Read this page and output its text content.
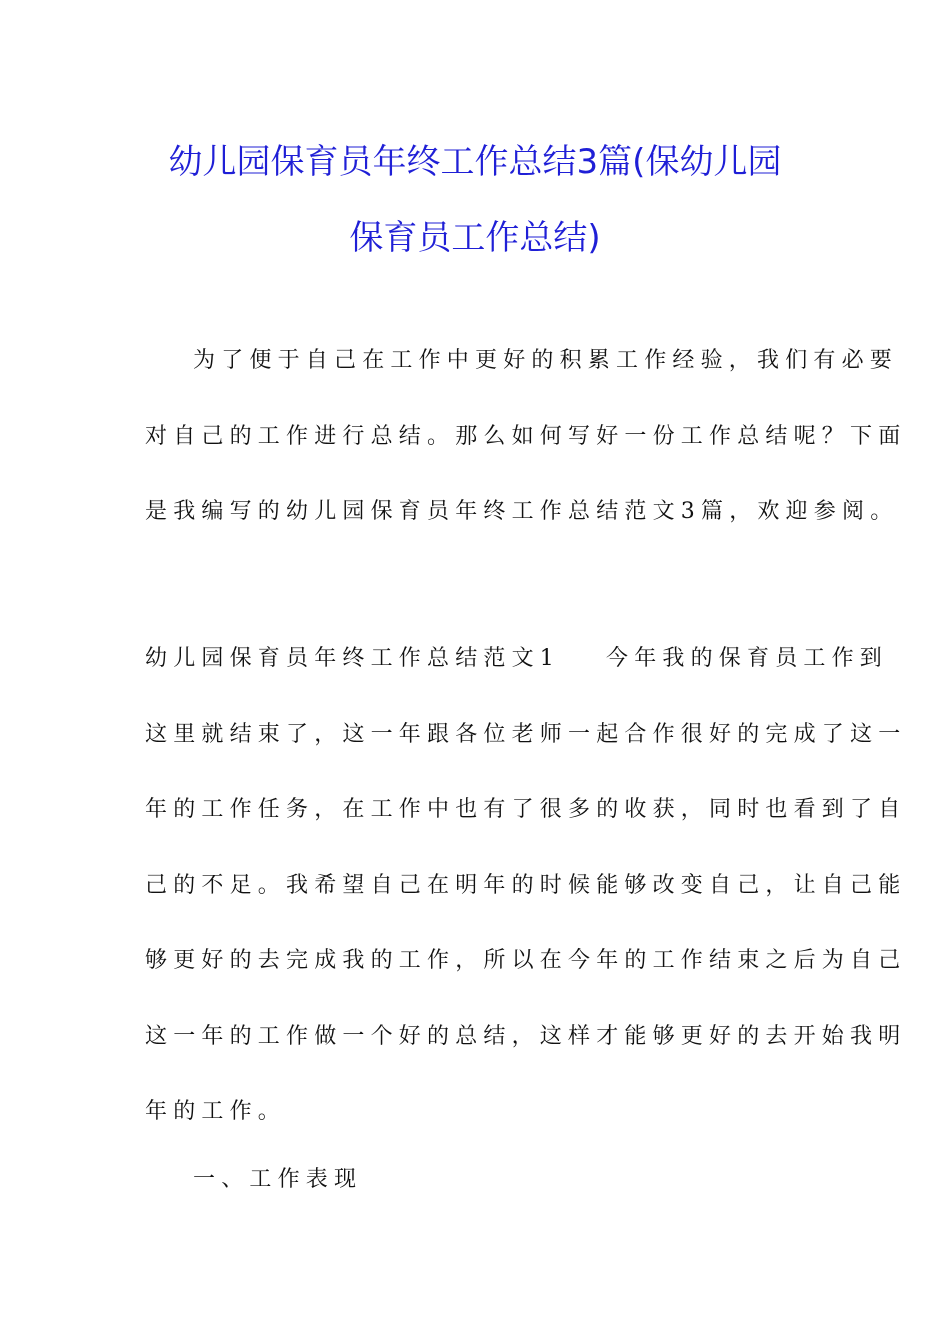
幼儿园保育员年终工作总结3篇(保幼儿园
保育员工作总结)
为了便于自己在工作中更好的积累工作经验，我们有必要
对自己的工作进行总结。那么如何写好一份工作总结呢？下面
是我编写的幼儿园保育员年终工作总结范文3篇，欢迎参阅。
幼儿园保育员年终工作总结范文1 今年我的保育员工作到
这里就结束了，这一年跟各位老师一起合作很好的完成了这一
年的工作任务，在工作中也有了很多的收获，同时也看到了自
己的不足。我希望自己在明年的时候能够改变自己，让自己能
够更好的去完成我的工作，所以在今年的工作结束之后为自己
这一年的工作做一个好的总结，这样才能够更好的去开始我明
年的工作。
一、工作表现
